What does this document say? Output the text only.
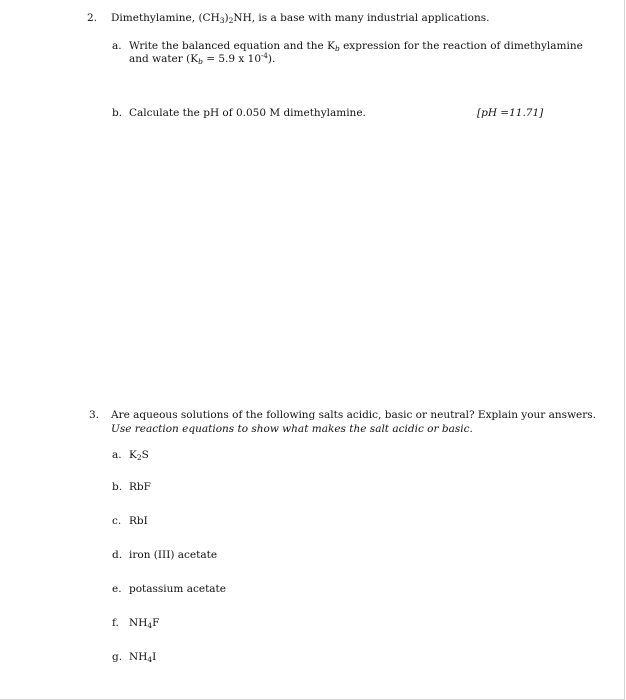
2. Dimethylamine, $(CH_3)_2NH$, is a base with many industrial applications.
a. Write the balanced equation and the Kb expression for the reaction of dimethylamine
and water (Kb = 5.9 x $10^{-4}$).
b. Calculate the pH of 0.050 M dimethylamine.	[pH =11.71]
3. Are aqueous solutions of the following salts acidic, basic or neutral? Explain your answers.
Use reaction equations to show what makes the salt acidic or basic.
a. $K_2S$
b. RbF
c. RbI
d. iron (III) acetate
e. potassium acetate
f. $NH_4F$
g. $NH_4I$
